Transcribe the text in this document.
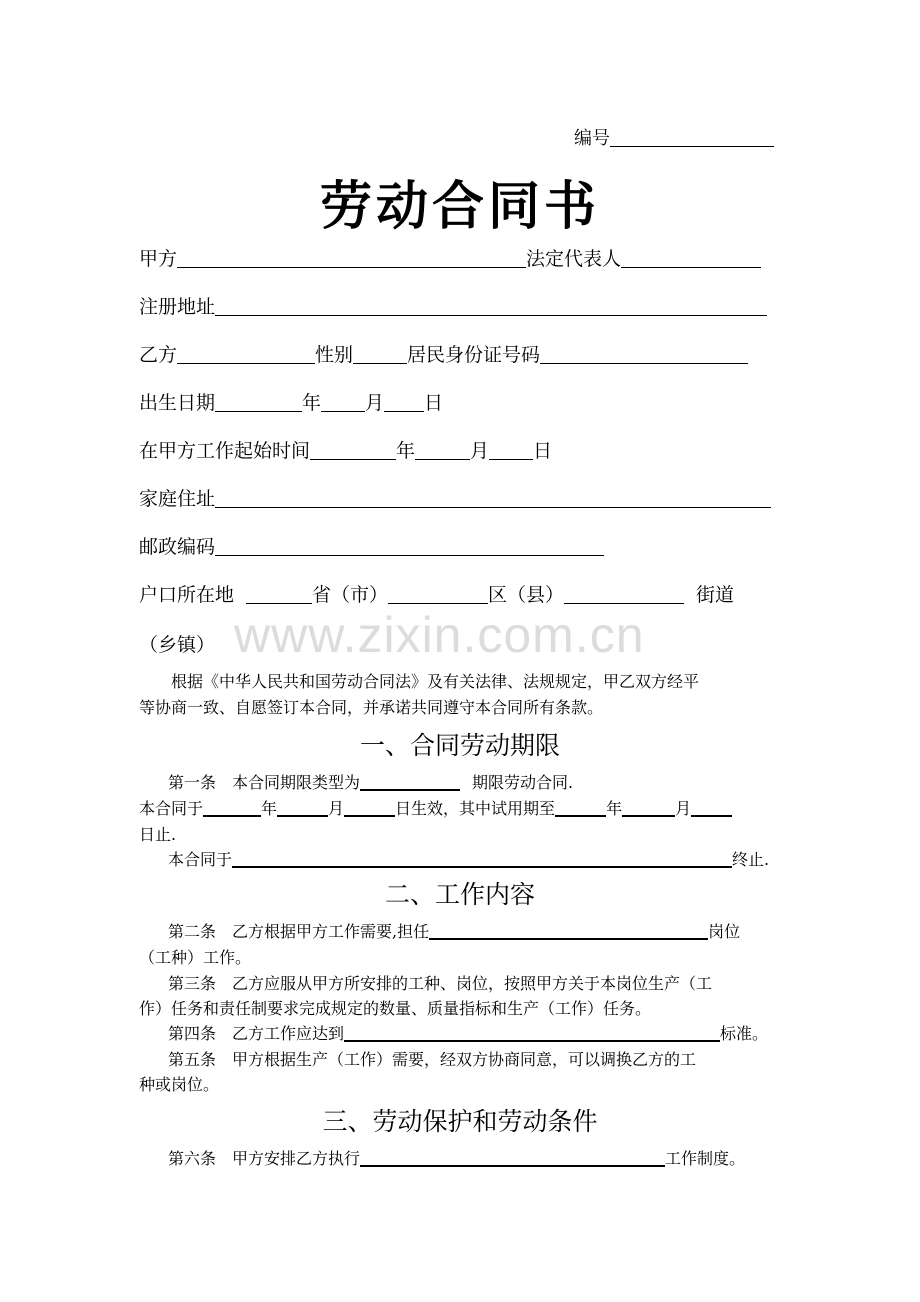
www.zixin.com.cn
编号
劳动合同书
甲方	法定代表人
注册地址
乙方	性别	居民身份证号码
出生日期	年 月 日
在甲方工作起始时间	年	月 日
家庭住址
邮政编码
户口所在地	省（市）	区（县）	街道
（乡镇）
根据《中华人民共和国劳动合同法》及有关法律、法规规定，甲乙双方经平
等协商一致、自愿签订本合同，并承诺共同遵守本合同所有条款。
一、合同劳动期限
第一条　本合同期限类型为	期限劳动合同.
本合同于	年	月	日生效，其中试用期至	年	月
日止.
本合同于	终止.
二、工作内容
第二条　乙方根据甲方工作需要,担任	岗位
（工种）工作。
第三条　乙方应服从甲方所安排的工种、岗位，按照甲方关于本岗位生产（工
作）任务和责任制要求完成规定的数量、质量指标和生产（工作）任务。
第四条　乙方工作应达到	标准。
第五条　甲方根据生产（工作）需要，经双方协商同意，可以调换乙方的工
种或岗位。
三、劳动保护和劳动条件
第六条　甲方安排乙方执行	工作制度。
